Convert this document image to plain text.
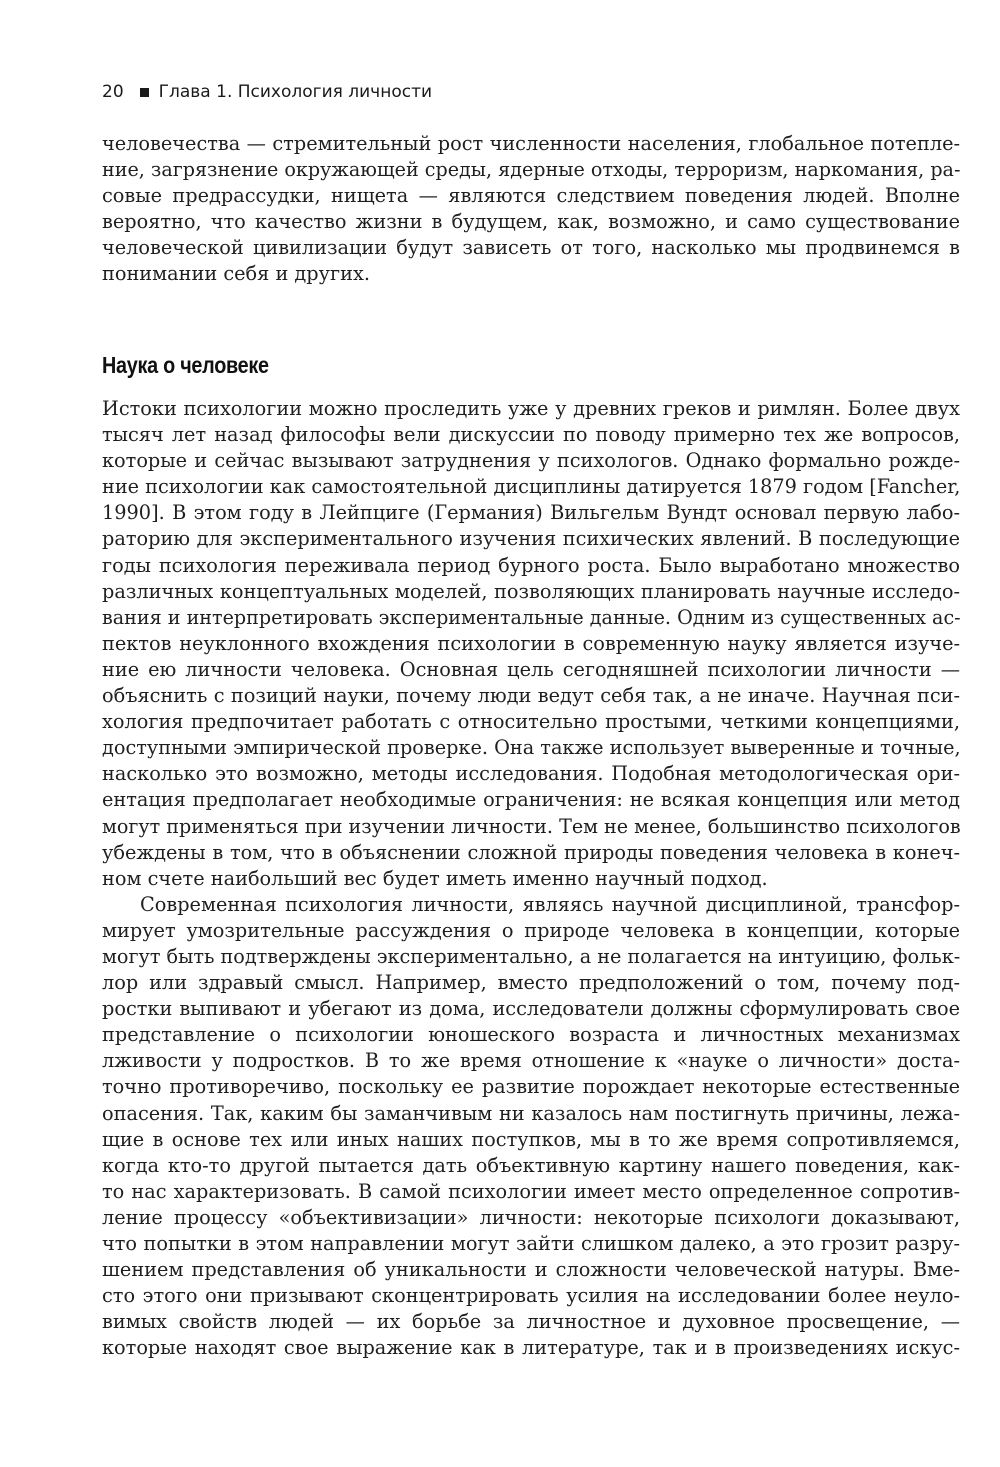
20 Глава 1. Психология личности
человечества — стремительный рост численности населения, глобальное потепле-
ние, загрязнение окружающей среды, ядерные отходы, терроризм, наркомания, ра-
совые предрассудки, нищета — являются следствием поведения людей. Вполне
вероятно, что качество жизни в будущем, как, возможно, и само существование
человеческой цивилизации будут зависеть от того, насколько мы продвинемся в
понимании себя и других.
Наука о человеке
Истоки психологии можно проследить уже у древних греков и римлян. Более двух
тысяч лет назад философы вели дискуссии по поводу примерно тех же вопросов,
которые и сейчас вызывают затруднения у психологов. Однако формально рожде-
ние психологии как самостоятельной дисциплины датируется 1879 годом [Fancher,
1990]. В этом году в Лейпциге (Германия) Вильгельм Вундт основал первую лабо-
раторию для экспериментального изучения психических явлений. В последующие
годы психология переживала период бурного роста. Было выработано множество
различных концептуальных моделей, позволяющих планировать научные исследо-
вания и интерпретировать экспериментальные данные. Одним из существенных ас-
пектов неуклонного вхождения психологии в современную науку является изуче-
ние ею личности человека. Основная цель сегодняшней психологии личности —
объяснить с позиций науки, почему люди ведут себя так, а не иначе. Научная пси-
хология предпочитает работать с относительно простыми, четкими концепциями,
доступными эмпирической проверке. Она также использует выверенные и точные,
насколько это возможно, методы исследования. Подобная методологическая ори-
ентация предполагает необходимые ограничения: не всякая концепция или метод
могут применяться при изучении личности. Тем не менее, большинство психологов
убеждены в том, что в объяснении сложной природы поведения человека в конеч-
ном счете наибольший вес будет иметь именно научный подход.
Современная психология личности, являясь научной дисциплиной, трансфор-
мирует умозрительные рассуждения о природе человека в концепции, которые
могут быть подтверждены экспериментально, а не полагается на интуицию, фольк-
лор или здравый смысл. Например, вместо предположений о том, почему под-
ростки выпивают и убегают из дома, исследователи должны сформулировать свое
представление о психологии юношеского возраста и личностных механизмах
лживости у подростков. В то же время отношение к «науке о личности» доста-
точно противоречиво, поскольку ее развитие порождает некоторые естественные
опасения. Так, каким бы заманчивым ни казалось нам постигнуть причины, лежа-
щие в основе тех или иных наших поступков, мы в то же время сопротивляемся,
когда кто-то другой пытается дать объективную картину нашего поведения, как-
то нас характеризовать. В самой психологии имеет место определенное сопротив-
ление процессу «объективизации» личности: некоторые психологи доказывают,
что попытки в этом направлении могут зайти слишком далеко, а это грозит разру-
шением представления об уникальности и сложности человеческой натуры. Вме-
сто этого они призывают сконцентрировать усилия на исследовании более неуло-
вимых свойств людей — их борьбе за личностное и духовное просвещение, —
которые находят свое выражение как в литературе, так и в произведениях искус-
